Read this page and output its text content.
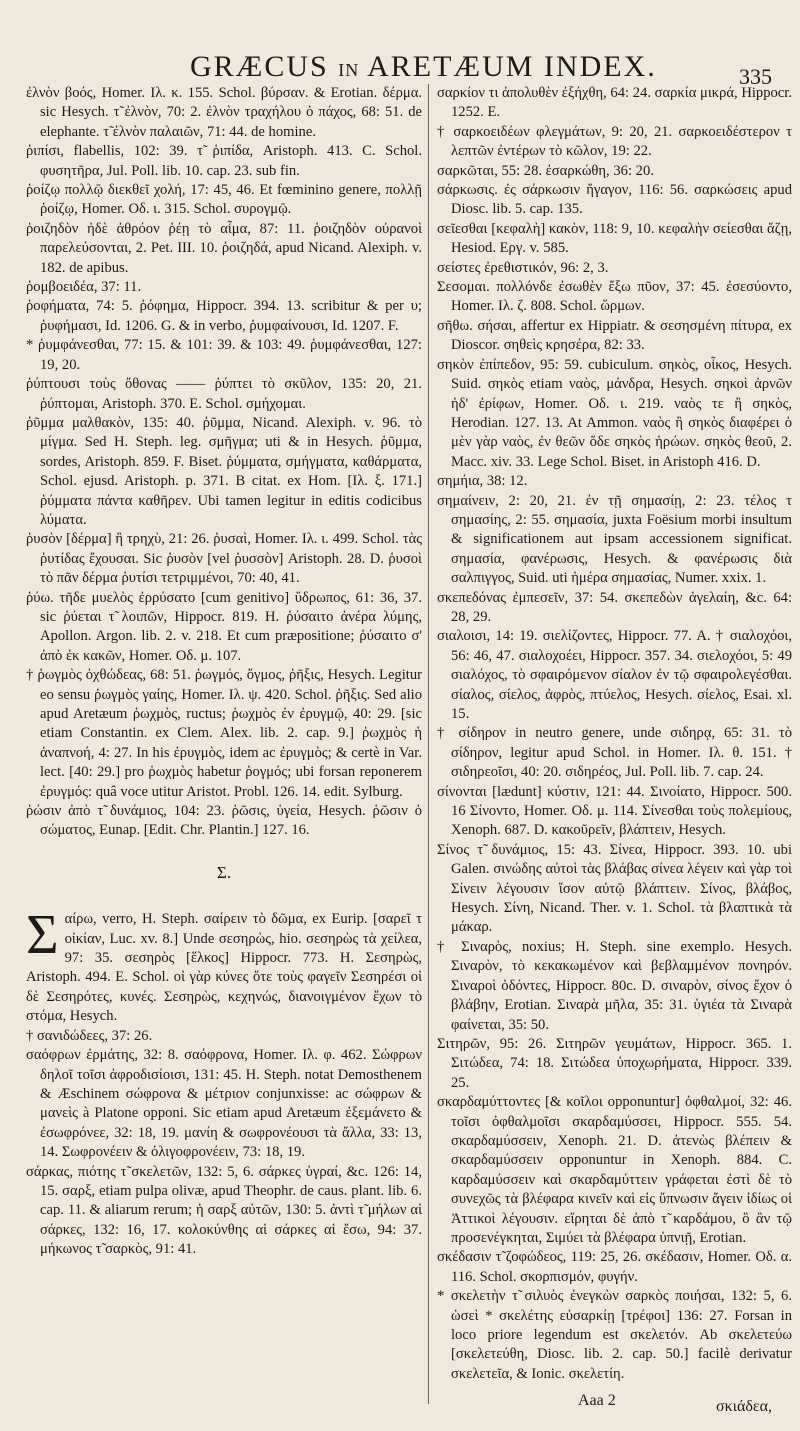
GRÆCUS IN ARETÆUM INDEX.	335

ἐλνὸν βοός, Homer. Ιλ. κ. 155. Schol. βύρσαν. & Erotian. δέρμα. sic Hesych. τ̃ ἐλνὸν, 70: 2. ἐλνὸν τραχήλου ὁ πάχος, 68: 51. de elephante. τ̃ ἐλνὸν παλαιῶν, 71: 44. de homine.

ῥιπίσι, flabellis, 102: 39. τ̃ ῥιπίδα, Aristoph. 413. C. Schol. φυσητῆρα, Jul. Poll. lib. 10. cap. 23. sub fin.

ῥοίζῳ πολλῷ διεκθεῖ χολή, 17: 45, 46. Et fœminino genere, πολλῇ ῥοίζῳ, Homer. Οδ. ι. 315. Schol. συρογμῷ.

ῥοιζηδὸν ἠδὲ ἀθρόον ῥέῃ τὸ αἷμα, 87: 11. ῥοιζηδὸν οὐρανοὶ παρελεύσονται, 2. Pet. III. 10. ῥοιζηδά, apud Nicand. Alexiph. v. 182. de apibus.

ῥομβοειδέα, 37: 11.

ῥοφήματα, 74: 5. ῥόφημα, Hippocr. 394. 13. scribitur & per υ; ῥυφήμασι, Id. 1206. G. & in verbo, ῥυμφαίνουσι, Id. 1207. F.

* ῥυμφάνεσθαι, 77: 15. & 101: 39. & 103: 49. ῥυμφάνεσθαι, 127: 19, 20.

ῥύπτουσι τοὺς ὄθονας —— ῥύπτει τὸ σκῦλον, 135: 20, 21. ῥύπτομαι, Aristoph. 370. E. Schol. σμήχομαι.

ῥῦμμα μαλθακὸν, 135: 40. ῥῦμμα, Nicand. Alexiph. v. 96. τὸ μίγμα. Sed H. Steph. leg. σμῆγμα; uti & in Hesych. ῥῦμμα, sordes, Aristoph. 859. F. Biset. ῥύμματα, σμήγματα, καθάρματα, Schol. ejusd. Aristoph. p. 371. B citat. ex Hom. [Ιλ. ξ. 171.] ῥύμματα πάντα καθῆρεν. Ubi tamen legitur in editis codicibus λύματα.

ῥυσὸν [δέρμα] ἢ τρηχὺ, 21: 26. ῥυσαὶ, Homer. Ιλ. ι. 499. Schol. τὰς ῥυτίδας ἔχουσαι. Sic ῥυσὸν [vel ῥυσσὸν] Aristoph. 28. D. ῥυσοὶ τὸ πᾶν δέρμα ῥυτίσι τετριμμένοι, 70: 40, 41.

ῥύω. τῆδε μυελὸς ἐρρύσατο [cum genitivo] ὕδρωπος, 61: 36, 37. sic ῥύεται τ̃ λοιπῶν, Hippocr. 819. H. ῥύσαιτο ἀνέρα λύμης, Apollon. Argon. lib. 2. v. 218. Et cum præpositione; ῥύσαιτο σ' ἀπὸ ἐκ κακῶν, Homer. Οδ. μ. 107.

† ῥωγμὸς ὀχθώδεας, 68: 51. ῥωγμός, ὄγμος, ῥῆξις, Hesych. Legitur eo sensu ῥωγμὸς γαίης, Homer. Ιλ. ψ. 420. Schol. ῥῆξις. Sed alio apud Aretæum ῥωχμὸς, ructus; ῥωχμὸς ἐν ἐρυγμῷ, 40: 29. [sic etiam Constantin. ex Clem. Alex. lib. 2. cap. 9.] ῥωχμὸς ἡ ἀναπνοή, 4: 27. In his ἐρυγμὸς, idem ac ἐρυγμὸς; & certè in Var. lect. [40: 29.] pro ῥωχμὸς habetur ῥογμός; ubi forsan reponerem ἐρυγμός: quâ voce utitur Aristot. Probl. 126. 14. edit. Sylburg.

ῥώσιν ἀπὸ τ̃ δυνάμιος, 104: 23. ῥῶσις, ὑγεία, Hesych. ῥῶσιν ὁ σώματος, Eunap. [Edit. Chr. Plantin.] 127. 16.

Σ.

Σαίρω, verro, H. Steph. σαίρειν τὸ δῶμα, ex Eurip. [σαρεῖ τ̃ οἰκίαν, Luc. xv. 8.] Unde σεσηρὼς, hio. σεσηρὼς τὰ χείλεα, 97: 35. σεσηρὸς [ἕλκος] Hippocr. 773. H. Σεσηρὼς, Aristoph. 494. E. Schol. οἱ γὰρ κύνες ὅτε τοὺς φαγεῖν Σεσηρέσι οἱ δὲ Σεσηρότες, κυνές. Σεσηρὼς, κεχηνώς, διανοιγμένον ἔχων τὸ στόμα, Hesych.

† σανιδώδεες, 37: 26.

σαόφρων ἐρμάτης, 32: 8. σαόφρονα, Homer. Ιλ. φ. 462. Σώφρων δηλοῖ τοῖσι ἀφροδισίοισι, 131: 45. H. Steph. notat Demosthenem & Æschinem σώφρονα & μέτριον conjunxisse: ac σώφρων & μανεὶς à Platone opponi. Sic etiam apud Aretæum ἐξεμάνετο & ἐσωφρόνεε, 32: 18, 19. μανίη & σωφρονέουσι τὰ ἄλλα, 33: 13, 14. Σωφρονέειν & ὀλιγοφρονέειν, 73: 18, 19.

σάρκας, πιότης τ̃ σκελετῶν, 132: 5, 6. σάρκες ὑγραί, &c. 126: 14, 15. σαρξ, etiam pulpa olivæ, apud Theophr. de caus. plant. lib. 6. cap. 11. & aliarum rerum; ἡ σαρξ αὐτῶν, 130: 5. ἀντὶ τ̃ μήλων αἱ σάρκες, 132: 16, 17. κολοκύνθης αἱ σάρκες αἱ ἔσω, 94: 37. μήκωνος τ̃ σαρκὸς, 91: 41.

σαρκίον τι ἀπολυθὲν ἐξήχθη, 64: 24. σαρκία μικρά, Hippocr. 1252. E.

† σαρκοειδέων φλεγμάτων, 9: 20, 21. σαρκοειδέστερον τ̃ λεπτῶν ἐντέρων τὸ κῶλον, 19: 22.

σαρκῶται, 55: 28. ἐσαρκώθη, 36: 20.

σάρκωσις. ἐς σάρκωσιν ἤγαγον, 116: 56. σαρκώσεις apud Diosc. lib. 5. cap. 135.

σεῖεσθαι [κεφαλὴ] κακὸν, 118: 9, 10. κεφαλὴν σείεσθαι ἄζῃ, Hesiod. Εργ. v. 585.

σείστες ἐρεθιστικόν, 96: 2, 3.

Σεσομαι. πολλόνδε ἐσωθὲν ἔξω πῦον, 37: 45. ἐσεσύοντο, Homer. Ιλ. ζ. 808. Schol. ὥρμων.

σῆθω. σήσαι, affertur ex Hippiatr. & σεσησμένη πίτυρα, ex Dioscor. σηθεὶς κρησέρα, 82: 33.

σηκὸν ἐπίπεδον, 95: 59. cubiculum. σηκὸς, οἶκος, Hesych. Suid. σηκὸς etiam ναὸς, μάνδρα, Hesych. σηκοὶ ἀρνῶν ἠδ' ἐρίφων, Homer. Οδ. ι. 219. ναὸς τε ἢ σηκὸς, Herodian. 127. 13. At Ammon. ναὸς ἢ σηκὸς διαφέρει ὁ μὲν γὰρ ναὸς, ἐν θεῶν ὅδε σηκὸς ἡρώων. σηκὸς θεοῦ, 2. Macc. xiv. 33. Lege Schol. Biset. in Aristoph 416. D.

σημήια, 38: 12.

σημαίνειν, 2: 20, 21. ἐν τῇ σημασίῃ, 2: 23. τέλος τ̃ σημασίης, 2: 55. σημασία, juxta Foësium morbi insultum & significationem aut ipsam accessionem significat. σημασία, φανέρωσις, Hesych. & φανέρωσις διὰ σαλπιγγος, Suid. uti ἡμέρα σημασίας, Numer. xxix. 1.

σκεπεδόνας ἐμπεσεῖν, 37: 54. σκεπεδὼν ἀγελαίη, &c. 64: 28, 29.

σιαλοισι, 14: 19. σιελίζοντες, Hippocr. 77. A. † σιαλοχόοι, 56: 46, 47. σιαλοχοέει, Hippocr. 357. 34. σιελοχόοι, 5: 49 σιαλόχος, τὸ σφαιρόμενον σίαλον ἐν τῷ σφαιρολεγέσθαι. σίαλος, σίελος, ἀφρὸς, πτύελος, Hesych. σίελος, Esai. xl. 15.

† σίδηρον in neutro genere, unde σιδηρᾳ, 65: 31. τὸ σίδηρον, legitur apud Schol. in Homer. Ιλ. θ. 151. † σιδηρεοῖσι, 40: 20. σιδηρέος, Jul. Poll. lib. 7. cap. 24.

σίνονται [lædunt] κύστιν, 121: 44. Σινοίατο, Hippocr. 500. 16 Σίνοντο, Homer. Οδ. μ. 114. Σίνεσθαι τοὺς πολεμίους, Xenoph. 687. D. κακοῦρεῖν, βλάπτειν, Hesych.

Σίνος τ̃ δυνάμιος, 15: 43. Σίνεα, Hippocr. 393. 10. ubi Galen. σινώδης αὐτοὶ τὰς βλάβας σίνεα λέγειν καὶ γὰρ τοὶ Σίνειν λέγουσιν ἴσον αὐτῷ βλάπτειν. Σίνος, βλάβος, Hesych. Σίνη, Nicand. Ther. v. 1. Schol. τὰ βλαπτικὰ τὰ μάκαρ.

† Σιναρὸς, noxius; H. Steph. sine exemplo. Hesych. Σιναρὸν, τὸ κεκακωμένον καὶ βεβλαμμένον πονηρόν. Σιναροὶ ὀδόντες, Hippocr. 80c. D. σιναρὸν, σίνος ἔχον ὁ βλάβην, Erotian. Σιναρὰ μῆλα, 35: 31. ὑγιέα τὰ Σιναρὰ φαίνεται, 35: 50.

Σιτηρῶν, 95: 26. Σιτηρῶν γευμάτων, Hippocr. 365. 1. Σιτώδεα, 74: 18. Σιτώδεα ὑποχωρήματα, Hippocr. 339. 25.

σκαρδαμύττοντες [& κοῖλοι opponuntur] ὀφθαλμοί, 32: 46. τοῖσι ὀφθαλμοῖσι σκαρδαμύσσει, Hippocr. 555. 54. σκαρδαμύσσειν, Xenoph. 21. D. ἀτενὼς βλέπειν & σκαρδαμύσσειν opponuntur in Xenoph. 884. C. καρδαμύσσειν καὶ σκαρδαμύττειν γράφεται ἐστὶ δὲ τὸ συνεχῶς τὰ βλέφαρα κινεῖν καὶ εἰς ὕπνωσιν ἄγειν ἰδίως οἱ Ἀττικοὶ λέγουσιν. εἴρηται δὲ ἀπὸ τ̃ καρδάμου, ὃ ἂν τῷ προσενέγκηται, Σιμύει τὰ βλέφαρα ὑπνιῇ, Erotian.

σκέδασιν τ̃ ζοφώδεος, 119: 25, 26. σκέδασιν, Homer. Οδ. α. 116. Schol. σκορπισμόν, φυγήν.

* σκελετὴν τ̃ σιλυὸς ἐνεγκὼν σαρκὸς ποιήσαι, 132: 5, 6. ὡσεὶ * σκελέτης εὐσαρκίῃ [τρέφοι] 136: 27. Forsan in loco priore legendum est σκελετόν. Ab σκελετεύω [σκελετεύθη, Diosc. lib. 2. cap. 50.] facilè derivatur σκελετεῖα, & Ionic. σκελετίη.

Aaa 2	σκιάδεα,
